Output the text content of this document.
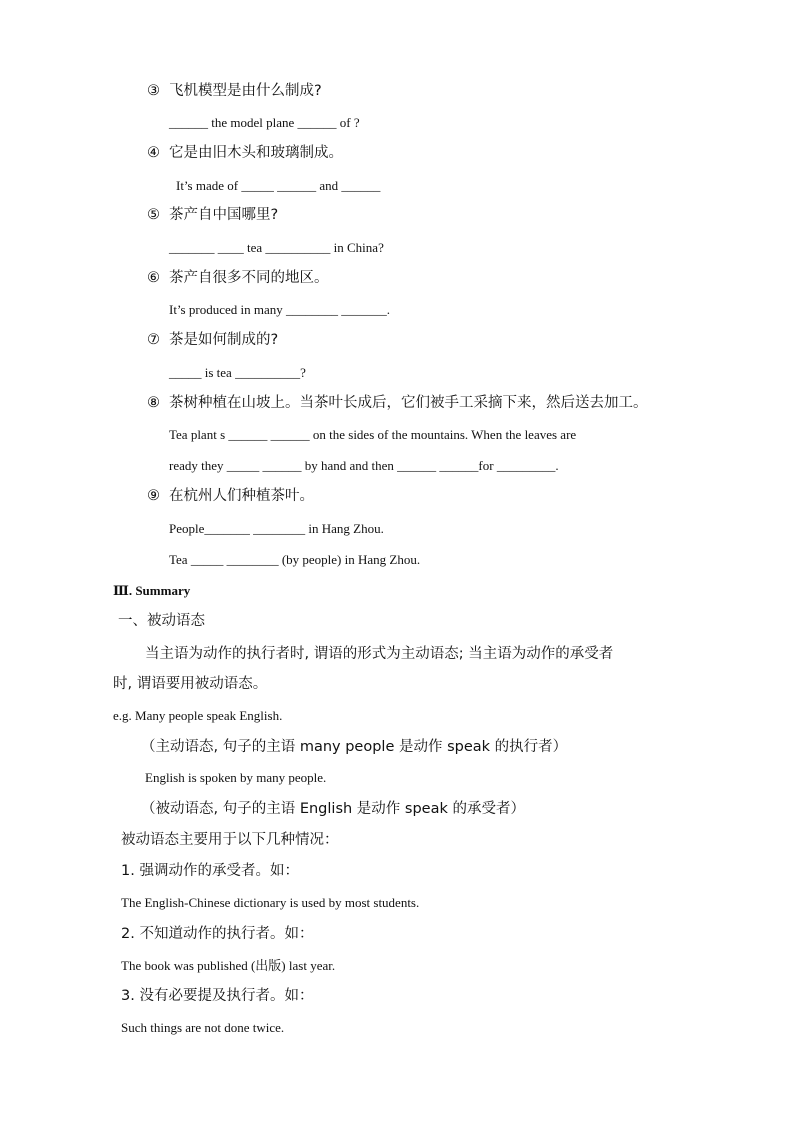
③ 飞机模型是由什么制成?
______ the model plane ______ of ?
④ 它是由旧木头和玻璃制成。
It’s made of _____ ______ and ______
⑤ 茶产自中国哪里?
_______ ____ tea __________ in China?
⑥ 茶产自很多不同的地区。
It’s produced in many ________ _______.
⑦ 茶是如何制成的?
_____ is tea __________?
⑧ 茶树种植在山坡上。当茶叶长成后，它们被手工采摘下来，然后送去加工。
Tea plant s ______ ______ on the sides of the mountains. When the leaves are
ready they _____ ______ by hand and then ______ ______for _________.
⑨ 在杭州人们种植茶叶。
People_______ ________ in Hang Zhou.
Tea _____ ________ (by people) in Hang Zhou.
Ⅲ. Summary
一、被动语态
当主语为动作的执行者时, 谓语的形式为主动语态; 当主语为动作的承受者
时, 谓语要用被动语态。
e.g. Many people speak English.
（主动语态, 句子的主语 many people 是动作 speak 的执行者）
English is spoken by many people.
（被动语态, 句子的主语 English 是动作 speak 的承受者）
被动语态主要用于以下几种情况：
1. 强调动作的承受者。如：
The English-Chinese dictionary is used by most students.
2. 不知道动作的执行者。如：
The book was published (出版) last year.
3. 没有必要提及执行者。如：
Such things are not done twice.
